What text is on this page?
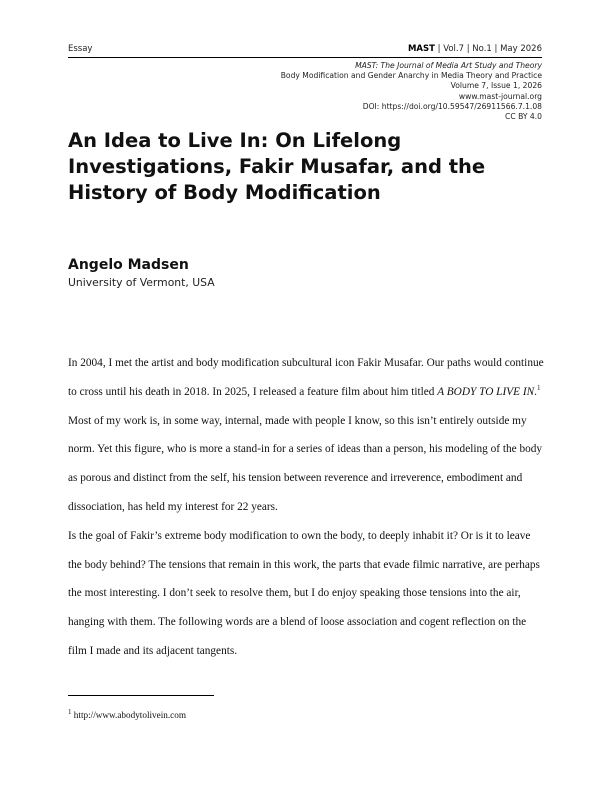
Essay	MAST | Vol.7 | No.1 | May 2026
MAST: The Journal of Media Art Study and Theory
Body Modification and Gender Anarchy in Media Theory and Practice
Volume 7, Issue 1, 2026
www.mast-journal.org
DOI: https://doi.org/10.59547/26911566.7.1.08
CC BY 4.0
An Idea to Live In: On Lifelong Investigations, Fakir Musafar, and the History of Body Modification
Angelo Madsen

University of Vermont, USA

In 2004, I met the artist and body modification subcultural icon Fakir Musafar. Our paths would continue to cross until his death in 2018. In 2025, I released a feature film about him titled A BODY TO LIVE IN.$^1$ Most of my work is, in some way, internal, made with people I know, so this isn’t entirely outside my norm. Yet this figure, who is more a stand-in for a series of ideas than a person, his modeling of the body as porous and distinct from the self, his tension between reverence and irreverence, embodiment and dissociation, has held my interest for 22 years.

Is the goal of Fakir’s extreme body modification to own the body, to deeply inhabit it? Or is it to leave the body behind? The tensions that remain in this work, the parts that evade filmic narrative, are perhaps the most interesting. I don’t seek to resolve them, but I do enjoy speaking those tensions into the air, hanging with them. The following words are a blend of loose association and cogent reflection on the film I made and its adjacent tangents.

$^1$ http://www.abodytolivein.com
